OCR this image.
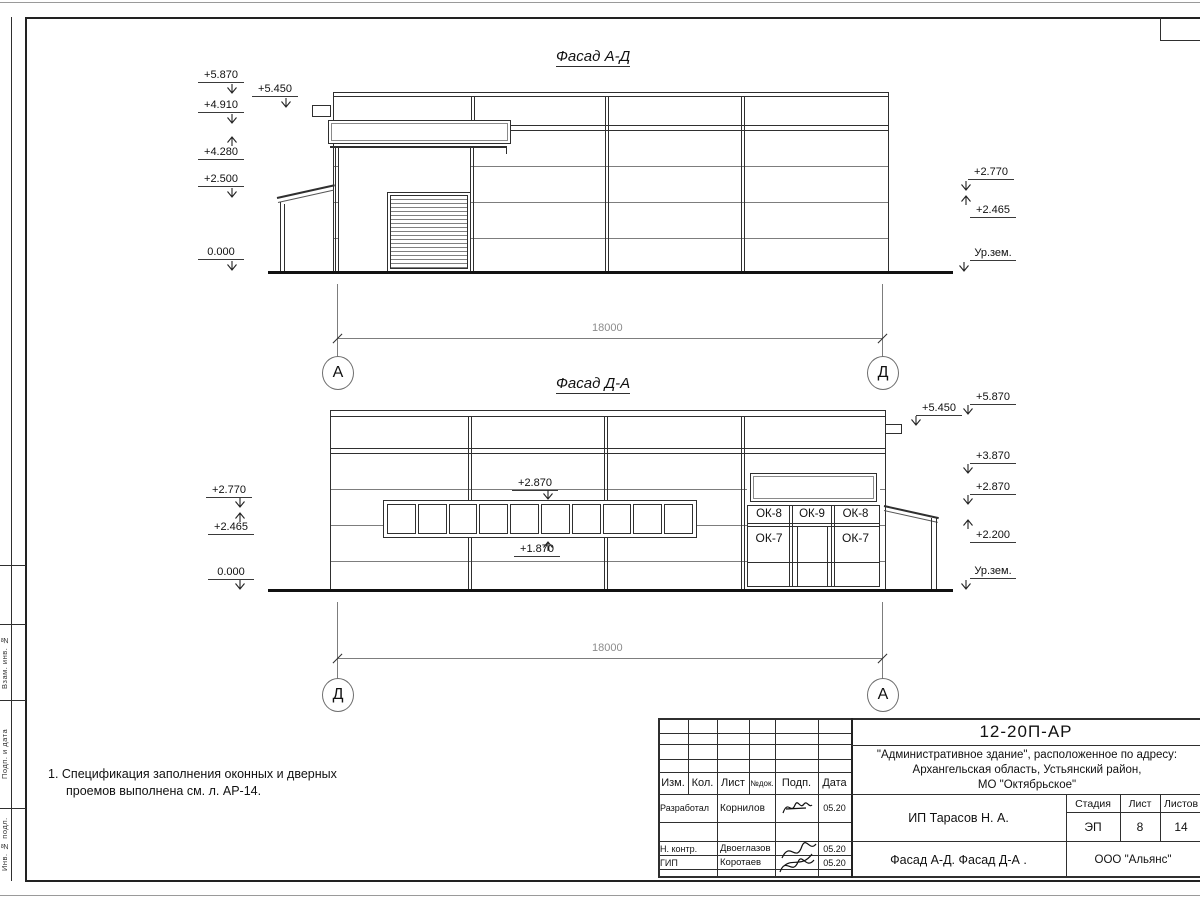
Взам. инв. №
Подп. и дата
Инв. № подл.
Фасад А-Д
+5.870
+4.910
+4.280
+2.500
0.000
+5.450
+2.770
+2.465
Ур.зем.
18000
А	Д
Фасад Д-А
+2.870
+1.870
ОК-8	ОК-9	ОК-8
ОК-7	ОК-7
+2.770
+2.465
0.000
+5.870
+5.450
+3.870
+2.870
+2.200
Ур.зем.
18000
Д	А
1. Спецификация заполнения оконных и дверных
проемов выполнена см. л. АР-14.
Изм. Кол. Лист №док. Подп.	Дата
Разработал	Корнилов	05.20
Н. контр.	Двоеглазов	05.20
ГИП	Коротаев	05.20
12-20П-АР
"Административное здание", расположенное по адресу:
Архангельская область, Устьянский район,
МО "Октябрьское"
ИП Тарасов Н. А.
Фасад А-Д. Фасад Д-А .	ООО "Альянс"
Стадия	Лист	Листов
ЭП	8	14
